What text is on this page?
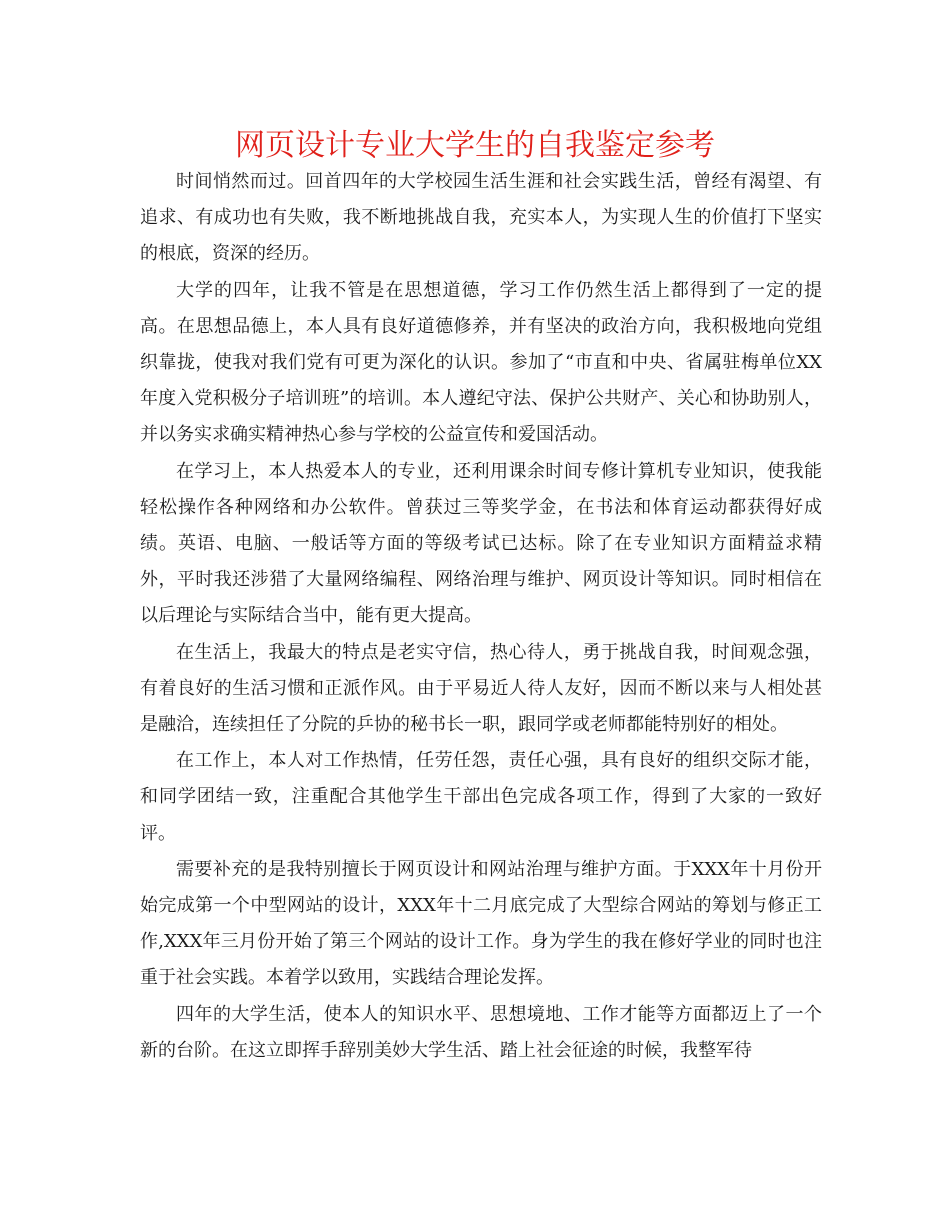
网页设计专业大学生的自我鉴定参考

时间悄然而过。回首四年的大学校园生活生涯和社会实践生活，曾经有渴望、有追求、有成功也有失败，我不断地挑战自我，充实本人，为实现人生的价值打下坚实的根底，资深的经历。

大学的四年，让我不管是在思想道德，学习工作仍然生活上都得到了一定的提高。在思想品德上，本人具有良好道德修养，并有坚决的政治方向，我积极地向党组织靠拢，使我对我们党有可更为深化的认识。参加了“市直和中央、省属驻梅单位XX年度入党积极分子培训班”的培训。本人遵纪守法、保护公共财产、关心和协助别人，并以务实求确实精神热心参与学校的公益宣传和爱国活动。

在学习上，本人热爱本人的专业，还利用课余时间专修计算机专业知识，使我能轻松操作各种网络和办公软件。曾获过三等奖学金，在书法和体育运动都获得好成绩。英语、电脑、一般话等方面的等级考试已达标。除了在专业知识方面精益求精外，平时我还涉猎了大量网络编程、网络治理与维护、网页设计等知识。同时相信在以后理论与实际结合当中，能有更大提高。

在生活上，我最大的特点是老实守信，热心待人，勇于挑战自我，时间观念强，有着良好的生活习惯和正派作风。由于平易近人待人友好，因而不断以来与人相处甚是融洽，连续担任了分院的乒协的秘书长一职，跟同学或老师都能特别好的相处。

在工作上，本人对工作热情，任劳任怨，责任心强，具有良好的组织交际才能，和同学团结一致，注重配合其他学生干部出色完成各项工作，得到了大家的一致好评。

需要补充的是我特别擅长于网页设计和网站治理与维护方面。于XXX年十月份开始完成第一个中型网站的设计，XXX年十二月底完成了大型综合网站的筹划与修正工作,XXX年三月份开始了第三个网站的设计工作。身为学生的我在修好学业的同时也注重于社会实践。本着学以致用，实践结合理论发挥。

四年的大学生活，使本人的知识水平、思想境地、工作才能等方面都迈上了一个新的台阶。在这立即挥手辞别美妙大学生活、踏上社会征途的时候，我整军待
